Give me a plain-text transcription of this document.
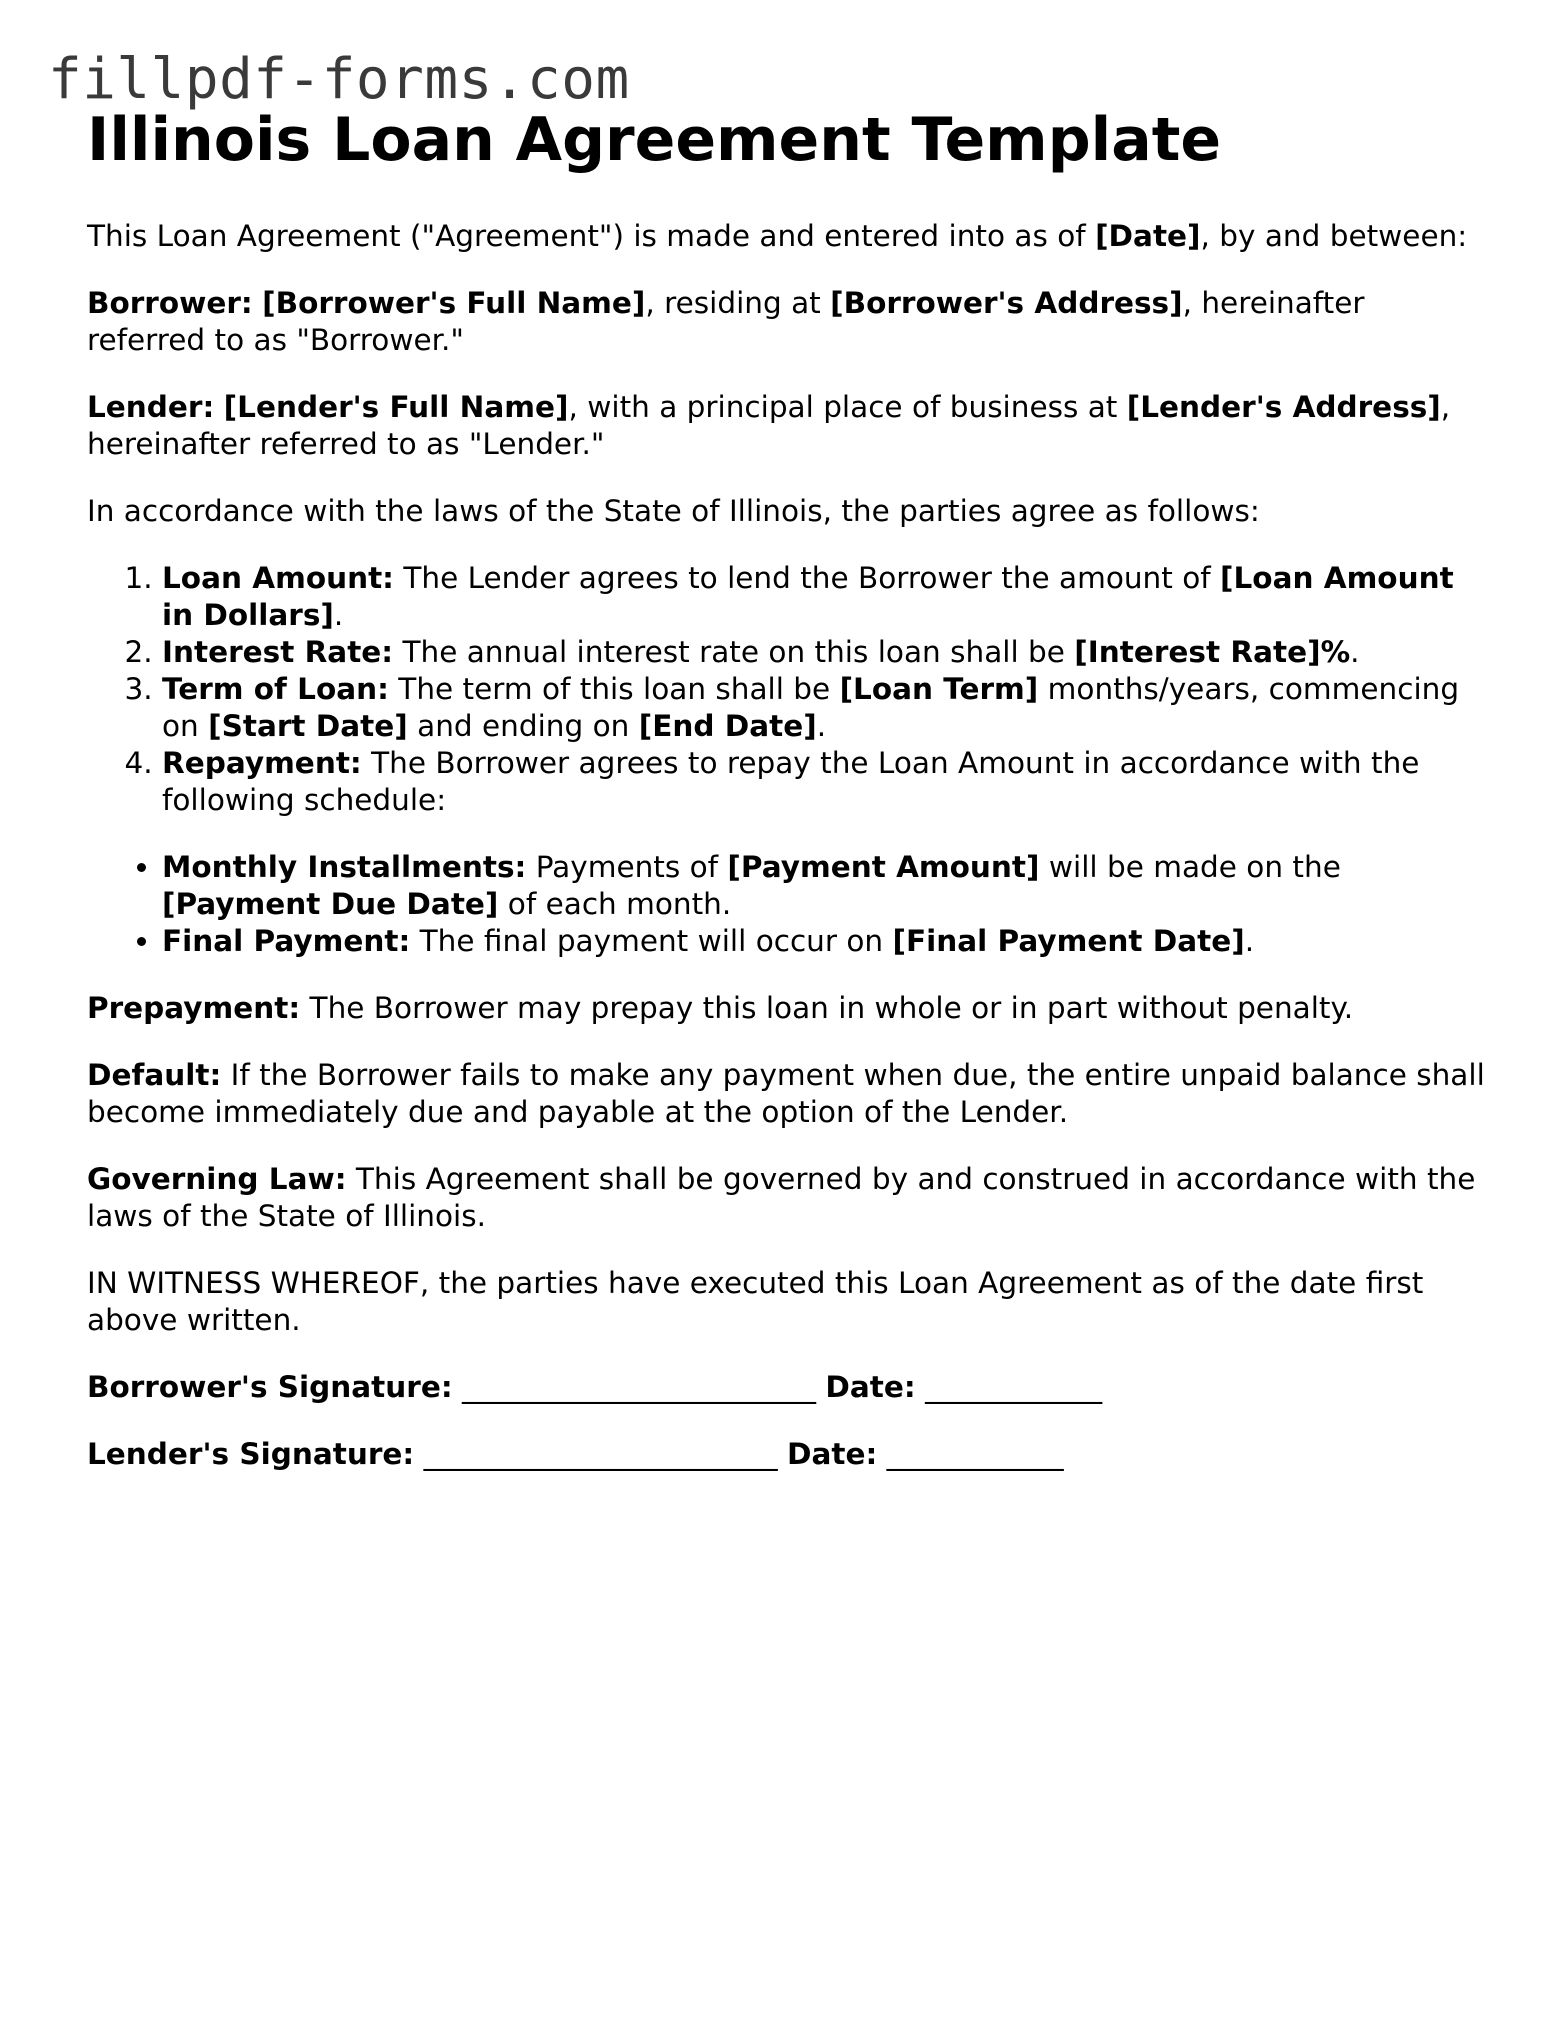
fillpdf-forms.com
Illinois Loan Agreement Template

This Loan Agreement ("Agreement") is made and entered into as of [Date], by and between:

Borrower: [Borrower's Full Name], residing at [Borrower's Address], hereinafter referred to as "Borrower."

Lender: [Lender's Full Name], with a principal place of business at [Lender's Address], hereinafter referred to as "Lender."

In accordance with the laws of the State of Illinois, the parties agree as follows:

1. Loan Amount: The Lender agrees to lend the Borrower the amount of [Loan Amount in Dollars].
2. Interest Rate: The annual interest rate on this loan shall be [Interest Rate]%.
3. Term of Loan: The term of this loan shall be [Loan Term] months/years, commencing on [Start Date] and ending on [End Date].
4. Repayment: The Borrower agrees to repay the Loan Amount in accordance with the following schedule:
• Monthly Installments: Payments of [Payment Amount] will be made on the [Payment Due Date] of each month.
• Final Payment: The final payment will occur on [Final Payment Date].

Prepayment: The Borrower may prepay this loan in whole or in part without penalty.

Default: If the Borrower fails to make any payment when due, the entire unpaid balance shall become immediately due and payable at the option of the Lender.

Governing Law: This Agreement shall be governed by and construed in accordance with the laws of the State of Illinois.

IN WITNESS WHEREOF, the parties have executed this Loan Agreement as of the date first above written.

Borrower's Signature: ________________________ Date: ____________

Lender's Signature: ________________________ Date: ____________
